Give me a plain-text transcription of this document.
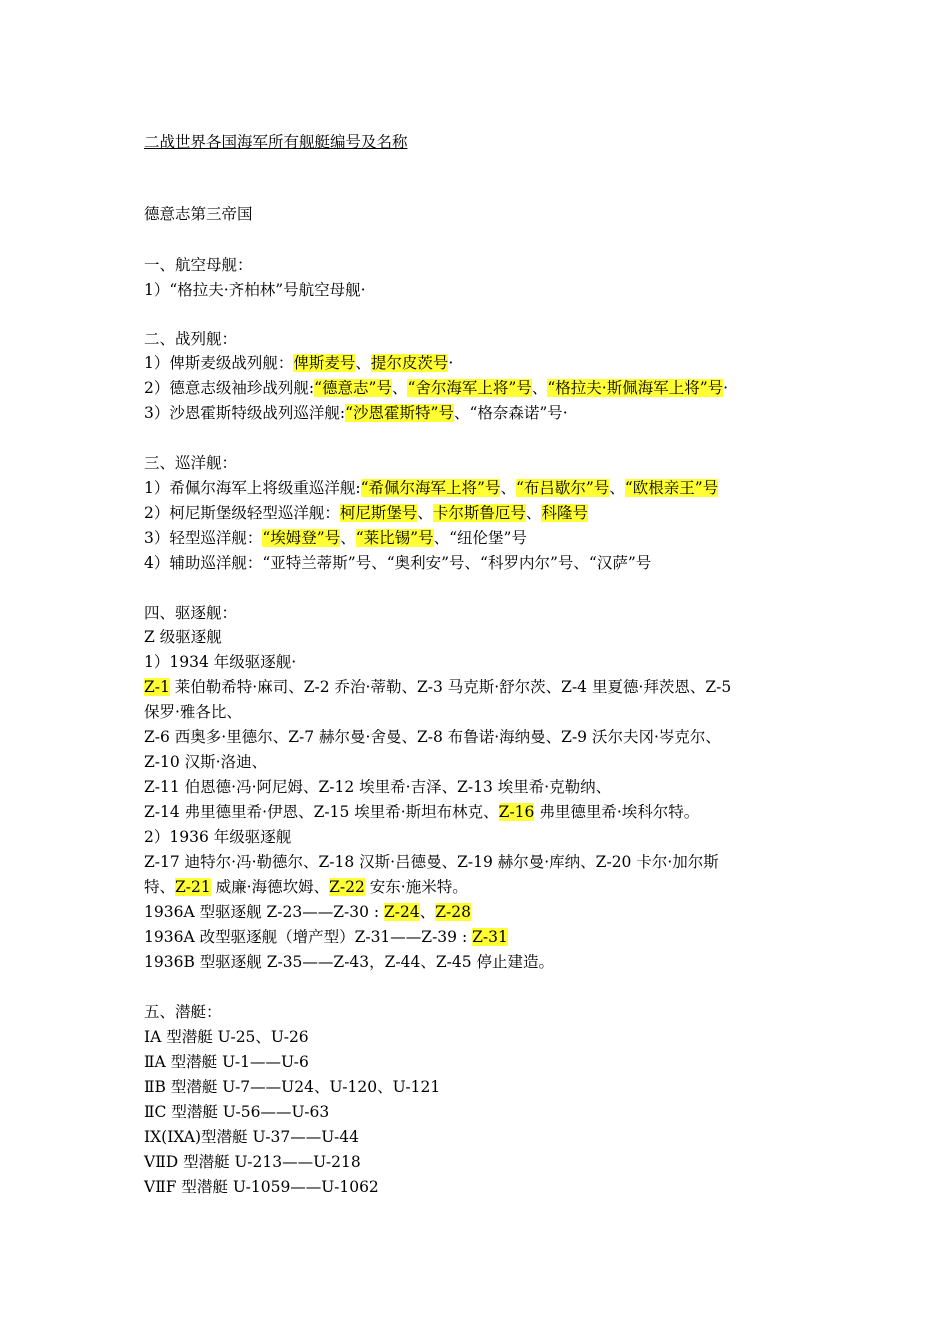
二战世界各国海军所有舰艇编号及名称
德意志第三帝国
一、航空母舰：
1）“格拉夫·齐柏林”号航空母舰·
二、战列舰：
1）俾斯麦级战列舰：俾斯麦号、提尔皮茨号·
2）德意志级袖珍战列舰:“德意志”号、“舍尔海军上将”号、“格拉夫·斯佩海军上将”号·
3）沙恩霍斯特级战列巡洋舰:“沙恩霍斯特”号、“格奈森诺”号·
三、巡洋舰：
1）希佩尔海军上将级重巡洋舰:“希佩尔海军上将”号、“布吕歇尔”号、“欧根亲王”号
2）柯尼斯堡级轻型巡洋舰：柯尼斯堡号、卡尔斯鲁厄号、科隆号
3）轻型巡洋舰：“埃姆登”号、“莱比锡”号、“纽伦堡”号
4）辅助巡洋舰：“亚特兰蒂斯”号、“奥利安”号、“科罗内尔”号、“汉萨”号
四、驱逐舰：
Z 级驱逐舰
1）1934 年级驱逐舰·
Z-1 莱伯勒希特·麻司、Z-2 乔治·蒂勒、Z-3 马克斯·舒尔茨、Z-4 里夏德·拜茨恩、Z-5
保罗·雅各比、
Z-6 西奥多·里德尔、Z-7 赫尔曼·舍曼、Z-8 布鲁诺·海纳曼、Z-9 沃尔夫冈·岑克尔、
Z-10 汉斯·洛迪、
Z-11 伯恩德·冯·阿尼姆、Z-12 埃里希·吉泽、Z-13 埃里希·克勒纳、
Z-14 弗里德里希·伊恩、Z-15 埃里希·斯坦布林克、Z-16 弗里德里希·埃科尔特。
2）1936 年级驱逐舰
Z-17 迪特尔·冯·勒德尔、Z-18 汉斯·吕德曼、Z-19 赫尔曼·库纳、Z-20 卡尔·加尔斯
特、Z-21 威廉·海德坎姆、Z-22 安东·施米特。
1936A 型驱逐舰 Z-23——Z-30 : Z-24、Z-28
1936A 改型驱逐舰（增产型）Z-31——Z-39 : Z-31
1936B 型驱逐舰 Z-35——Z-43，Z-44、Z-45 停止建造。
五、潜艇：
ⅠA 型潜艇 U-25、U-26
ⅡA 型潜艇 U-1——U-6
ⅡB 型潜艇 U-7——U24、U-120、U-121
ⅡC 型潜艇 U-56——U-63
ⅠX(ⅠXA)型潜艇 U-37——U-44
VⅡD 型潜艇 U-213——U-218
VⅡF 型潜艇 U-1059——U-1062
